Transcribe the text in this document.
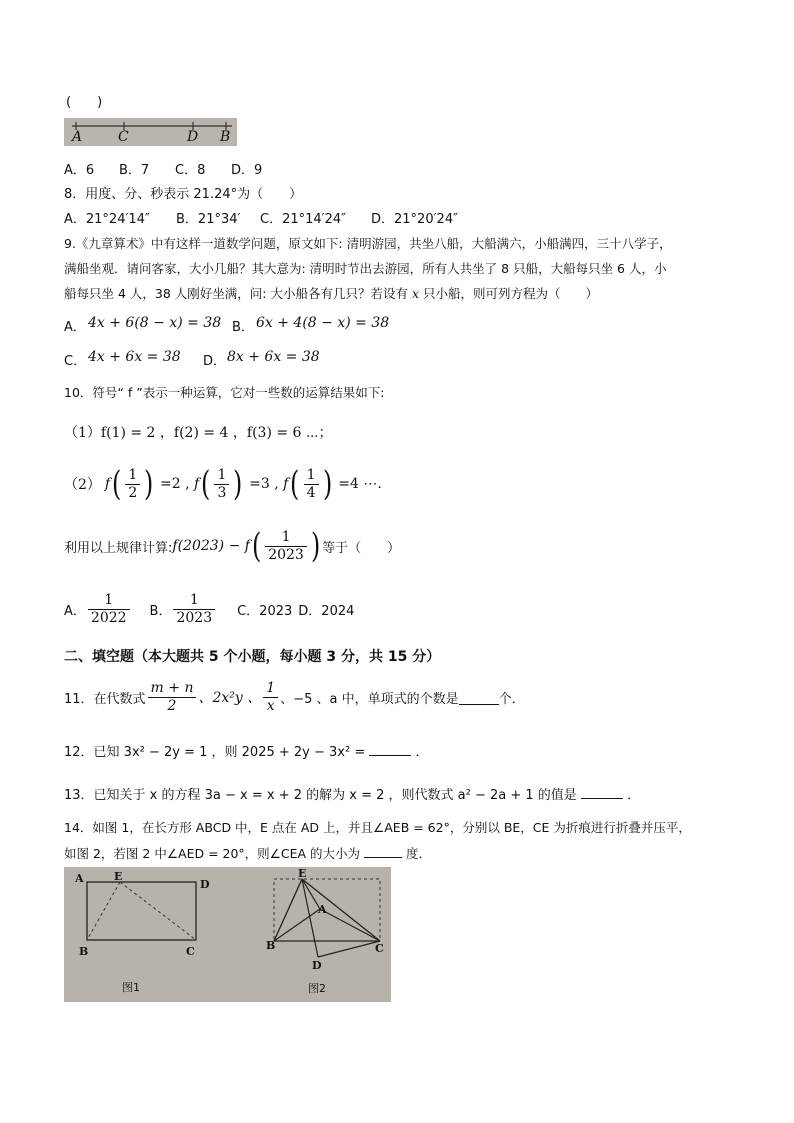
(　　)
A	C	D B
A．6 B．7 C．8 D．9
8．用度、分、秒表示 21.24°为（　　）
A．21°24′14″ B．21°34′ C．21°14′24″ D．21°20′24″
9.《九章算术》中有这样一道数学问题，原文如下: 清明游园，共坐八船，大船满六，小船满四，三十八学子，
满船坐观．请问客家，大小几船？其大意为: 清明时节出去游园，所有人共坐了 8 只船，大船每只坐 6 人，小
船每只坐 4 人，38 人刚好坐满，问: 大小船各有几只？若设有 x 只小船，则可列方程为（　　）
A． 4x + 6(8 − x) = 38 B． 6x + 4(8 − x) = 38
C． 4x + 6x = 38 D． 8x + 6x = 38
10．符号“ f ”表示一种运算，它对一些数的运算结果如下:
（1）f(1) = 2 ，f(2) = 4 ，f(3) = 6 ⋯；
（2） f ( $\frac{1}{2}$ ) = 2 , f ( $\frac{1}{3}$ ) = 3 , f ( $\frac{1}{4}$ ) = 4 ⋯.
利用以上规律计算: f(2023) − f ( $\frac{1}{2023}$ ) 等于（　　）
A． $\frac{1}{2022}$ B． $\frac{1}{2023}$ C．2023 D．2024
二、填空题（本大题共 5 个小题，每小题 3 分，共 15 分）
11．在代数式 $\frac{m + n}{2}$ 、2x²y 、 $\frac{1}{x}$ 、−5 、a 中，单项式的个数是	个．
12．已知 3x² − 2y = 1 ，则 2025 + 2y − 3x² =	．
13．已知关于 x 的方程 3a − x = x + 2 的解为 x = 2 ，则代数式 a² − 2a + 1 的值是	．
14．如图 1，在长方形 ABCD 中，E 点在 AD 上，并且∠AEB = 62°，分别以 BE，CE 为折痕进行折叠并压平，
如图 2，若图 2 中∠AED = 20°，则∠CEA 的大小为	度．
A	E
D
B	C
图1
E
A
B	C
D
图2
